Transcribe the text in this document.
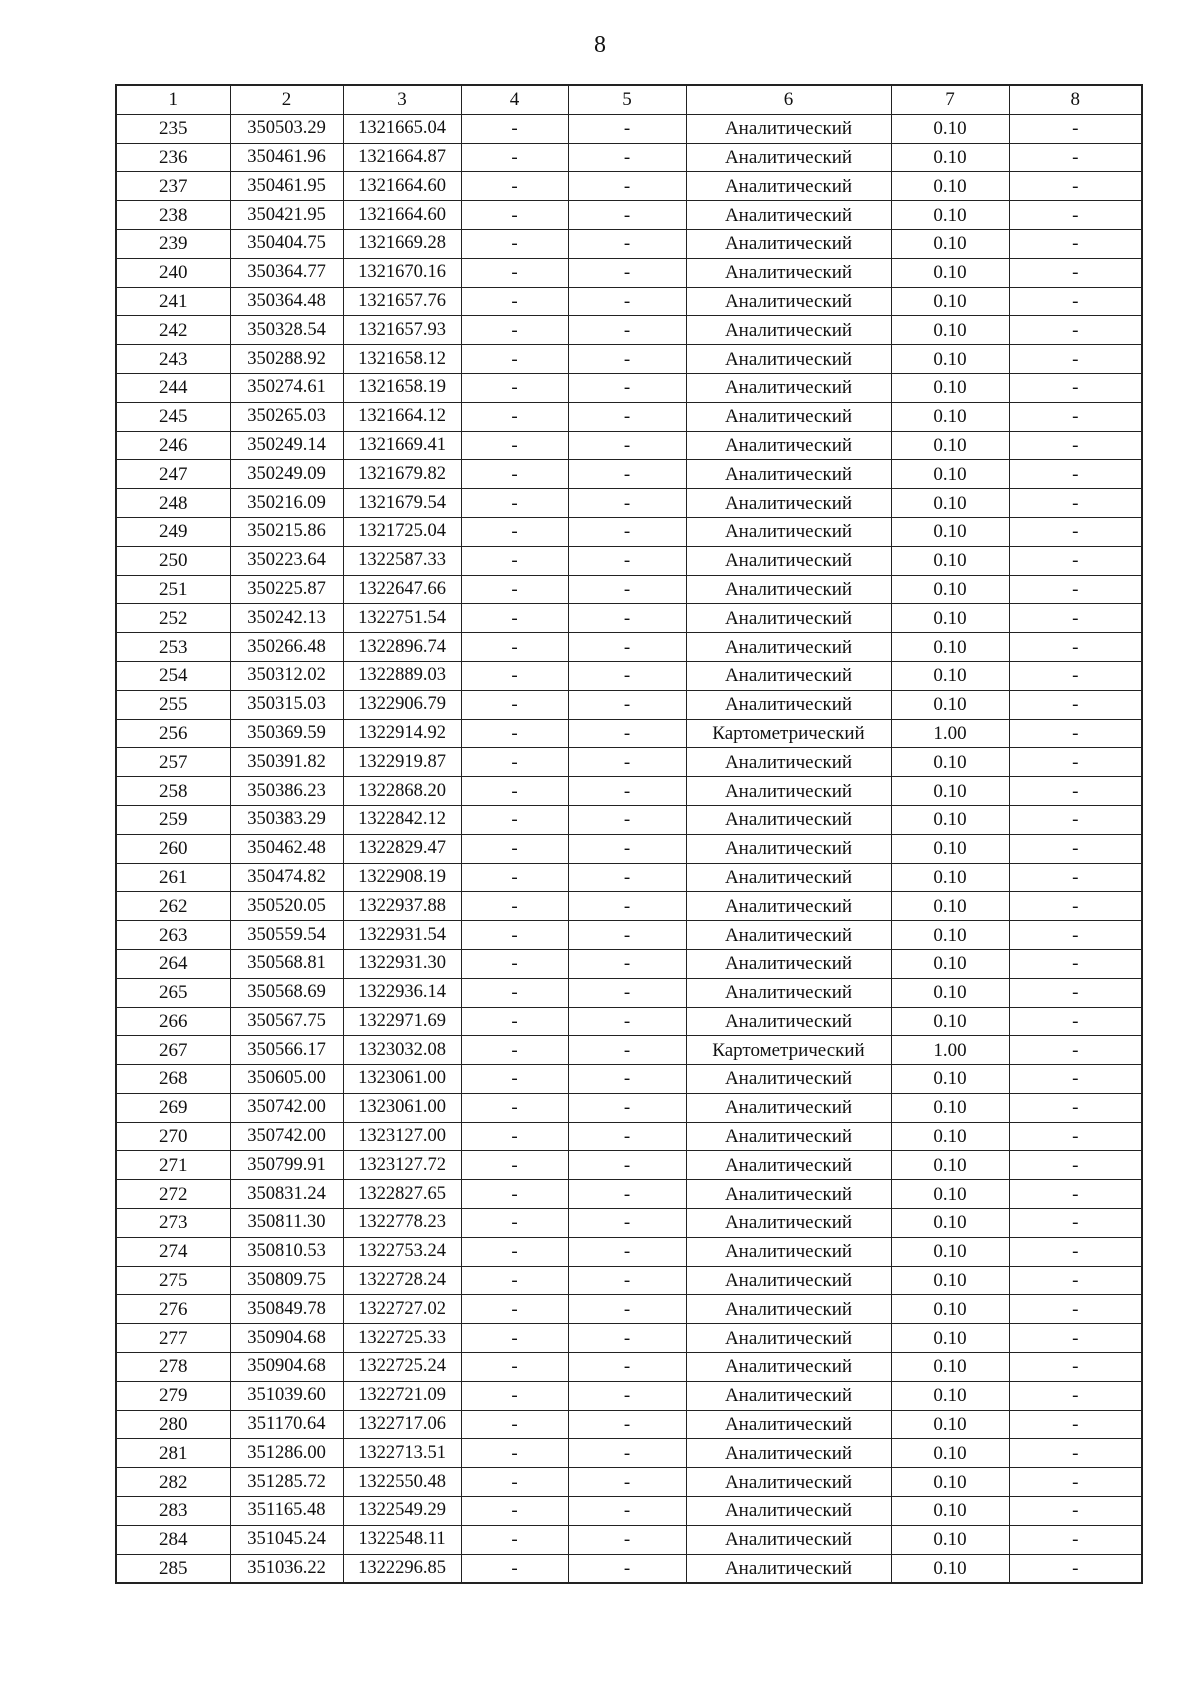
8
1	2	3	4	5	6	7	8
235	350503.29	1321665.04	-	-	Аналитический	0.10	-
236	350461.96	1321664.87	-	-	Аналитический	0.10	-
237	350461.95	1321664.60	-	-	Аналитический	0.10	-
238	350421.95	1321664.60	-	-	Аналитический	0.10	-
239	350404.75	1321669.28	-	-	Аналитический	0.10	-
240	350364.77	1321670.16	-	-	Аналитический	0.10	-
241	350364.48	1321657.76	-	-	Аналитический	0.10	-
242	350328.54	1321657.93	-	-	Аналитический	0.10	-
243	350288.92	1321658.12	-	-	Аналитический	0.10	-
244	350274.61	1321658.19	-	-	Аналитический	0.10	-
245	350265.03	1321664.12	-	-	Аналитический	0.10	-
246	350249.14	1321669.41	-	-	Аналитический	0.10	-
247	350249.09	1321679.82	-	-	Аналитический	0.10	-
248	350216.09	1321679.54	-	-	Аналитический	0.10	-
249	350215.86	1321725.04	-	-	Аналитический	0.10	-
250	350223.64	1322587.33	-	-	Аналитический	0.10	-
251	350225.87	1322647.66	-	-	Аналитический	0.10	-
252	350242.13	1322751.54	-	-	Аналитический	0.10	-
253	350266.48	1322896.74	-	-	Аналитический	0.10	-
254	350312.02	1322889.03	-	-	Аналитический	0.10	-
255	350315.03	1322906.79	-	-	Аналитический	0.10	-
256	350369.59	1322914.92	-	-	Картометрический	1.00	-
257	350391.82	1322919.87	-	-	Аналитический	0.10	-
258	350386.23	1322868.20	-	-	Аналитический	0.10	-
259	350383.29	1322842.12	-	-	Аналитический	0.10	-
260	350462.48	1322829.47	-	-	Аналитический	0.10	-
261	350474.82	1322908.19	-	-	Аналитический	0.10	-
262	350520.05	1322937.88	-	-	Аналитический	0.10	-
263	350559.54	1322931.54	-	-	Аналитический	0.10	-
264	350568.81	1322931.30	-	-	Аналитический	0.10	-
265	350568.69	1322936.14	-	-	Аналитический	0.10	-
266	350567.75	1322971.69	-	-	Аналитический	0.10	-
267	350566.17	1323032.08	-	-	Картометрический	1.00	-
268	350605.00	1323061.00	-	-	Аналитический	0.10	-
269	350742.00	1323061.00	-	-	Аналитический	0.10	-
270	350742.00	1323127.00	-	-	Аналитический	0.10	-
271	350799.91	1323127.72	-	-	Аналитический	0.10	-
272	350831.24	1322827.65	-	-	Аналитический	0.10	-
273	350811.30	1322778.23	-	-	Аналитический	0.10	-
274	350810.53	1322753.24	-	-	Аналитический	0.10	-
275	350809.75	1322728.24	-	-	Аналитический	0.10	-
276	350849.78	1322727.02	-	-	Аналитический	0.10	-
277	350904.68	1322725.33	-	-	Аналитический	0.10	-
278	350904.68	1322725.24	-	-	Аналитический	0.10	-
279	351039.60	1322721.09	-	-	Аналитический	0.10	-
280	351170.64	1322717.06	-	-	Аналитический	0.10	-
281	351286.00	1322713.51	-	-	Аналитический	0.10	-
282	351285.72	1322550.48	-	-	Аналитический	0.10	-
283	351165.48	1322549.29	-	-	Аналитический	0.10	-
284	351045.24	1322548.11	-	-	Аналитический	0.10	-
285	351036.22	1322296.85	-	-	Аналитический	0.10	-
